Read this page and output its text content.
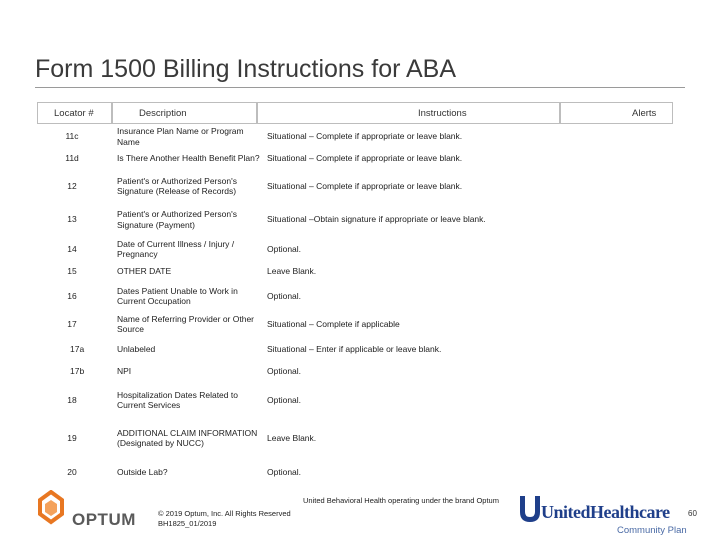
Form 1500 Billing Instructions for ABA
Locator #	Description	Instructions	Alerts
11c	Insurance Plan Name or Program Name	Situational – Complete if appropriate or leave blank.
11d	Is There Another Health Benefit Plan?	Situational – Complete if appropriate or leave blank.
12	Patient's or Authorized Person's Signature (Release of Records)	Situational – Complete if appropriate or leave blank.
13	Patient's or Authorized Person's Signature (Payment)	Situational –Obtain signature if appropriate or leave blank.
14	Date of Current Illness / Injury / Pregnancy	Optional.
15	OTHER DATE	Leave Blank.
16	Dates Patient Unable to Work in Current Occupation	Optional.
17	Name of Referring Provider or Other Source	Situational – Complete if applicable
17a	Unlabeled	Situational – Enter if applicable or leave blank.
17b	NPI	Optional.
18	Hospitalization Dates Related to Current Services	Optional.
19	ADDITIONAL CLAIM INFORMATION (Designated by NUCC)	Leave Blank.
20	Outside Lab?	Optional.
United Behavioral Health operating under the brand Optum
OPTUM	© 2019 Optum, Inc. All Rights Reserved
BH1825_01/2019
UnitedHealthcare
Community Plan
60
